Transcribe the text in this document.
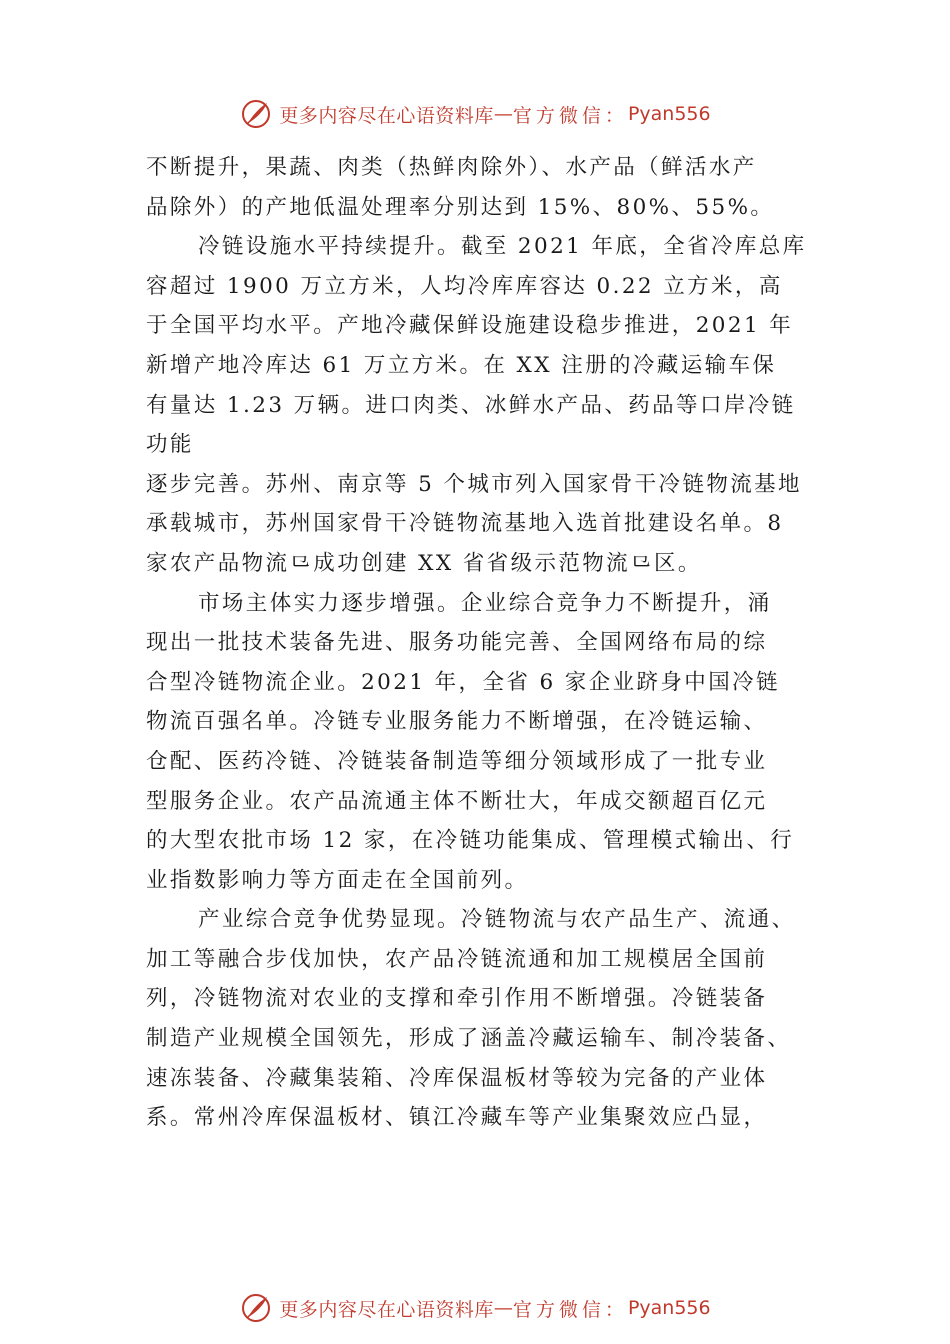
更多内容尽在心语资料库 — 官方微信： Pyan556
不断提升，果蔬、肉类（热鲜肉除外）、水产品（鲜活水产
品除外）的产地低温处理率分别达到 15%、80%、55%。
冷链设施水平持续提升。截至 2021 年底，全省冷库总库
容超过 1900 万立方米，人均冷库库容达 0.22 立方米，高
于全国平均水平。产地冷藏保鲜设施建设稳步推进，2021 年
新增产地冷库达 61 万立方米。在 XX 注册的冷藏运输车保
有量达 1.23 万辆。进口肉类、冰鲜水产品、药品等口岸冷链
功能
逐步完善。苏州、南京等 5 个城市列入国家骨干冷链物流基地
承载城市，苏州国家骨干冷链物流基地入选首批建设名单。8
家农产品物流⺋成功创建 XX 省省级示范物流⺋区。
市场主体实力逐步增强。企业综合竞争力不断提升，涌
现出一批技术装备先进、服务功能完善、全国网络布局的综
合型冷链物流企业。2021 年，全省 6 家企业跻身中国冷链
物流百强名单。冷链专业服务能力不断增强，在冷链运输、
仓配、医药冷链、冷链装备制造等细分领域形成了一批专业
型服务企业。农产品流通主体不断壮大，年成交额超百亿元
的大型农批市场 12 家，在冷链功能集成、管理模式输出、行
业指数影响力等方面走在全国前列。
产业综合竞争优势显现。冷链物流与农产品生产、流通、
加工等融合步伐加快，农产品冷链流通和加工规模居全国前
列，冷链物流对农业的支撑和牵引作用不断增强。冷链装备
制造产业规模全国领先，形成了涵盖冷藏运输车、制冷装备、
速冻装备、冷藏集装箱、冷库保温板材等较为完备的产业体
系。常州冷库保温板材、镇江冷藏车等产业集聚效应凸显，
更多内容尽在心语资料库 — 官方微信： Pyan556
